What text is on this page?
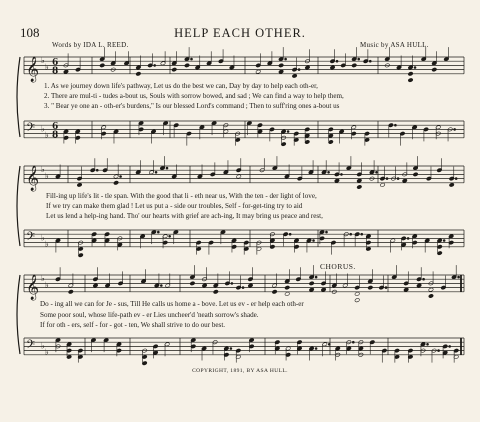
108	HELP EACH OTHER.
Words by IDA L. REED.	Music by ASA HULL.
𝄞 ♭
♭ 6
8
𝄢 ♭
♭
6
8
𝄞 ♭
♭
𝄢 ♭
♭
𝄞 ♭
♭
𝄢 ♭
♭
1. As we journey down life's pathway, Let us do the best we can, Day by day to help each oth-er,
2. There are mul-ti - tudes a-bout us, Souls with sorrow bowed, and sad ; We can find a way to help them,
3. " Bear ye one an - oth-er's burdens," Is our blessed Lord's command ; Then to suff'ring ones a-bout us
Fill-ing up life's lit - tle span. With the good that li - eth near us, With the ten - der light of love,
If we try can make them glad ! Let us put a - side our troubles, Self - for-get-ting try to aid
Let us lend a help-ing hand. Tho' our hearts with grief are ach-ing, It may bring us peace and rest,
CHORUS.
Do - ing all we can for Je - sus, Till He calls us home a - bove. Let us ev - er help each oth-er
Some poor soul, whose life-path ev - er Lies uncheer'd 'neath sorrow's shade.
If for oth - ers, self - for - got - ten, We shall strive to do our best.
COPYRIGHT, 1891, BY ASA HULL.
